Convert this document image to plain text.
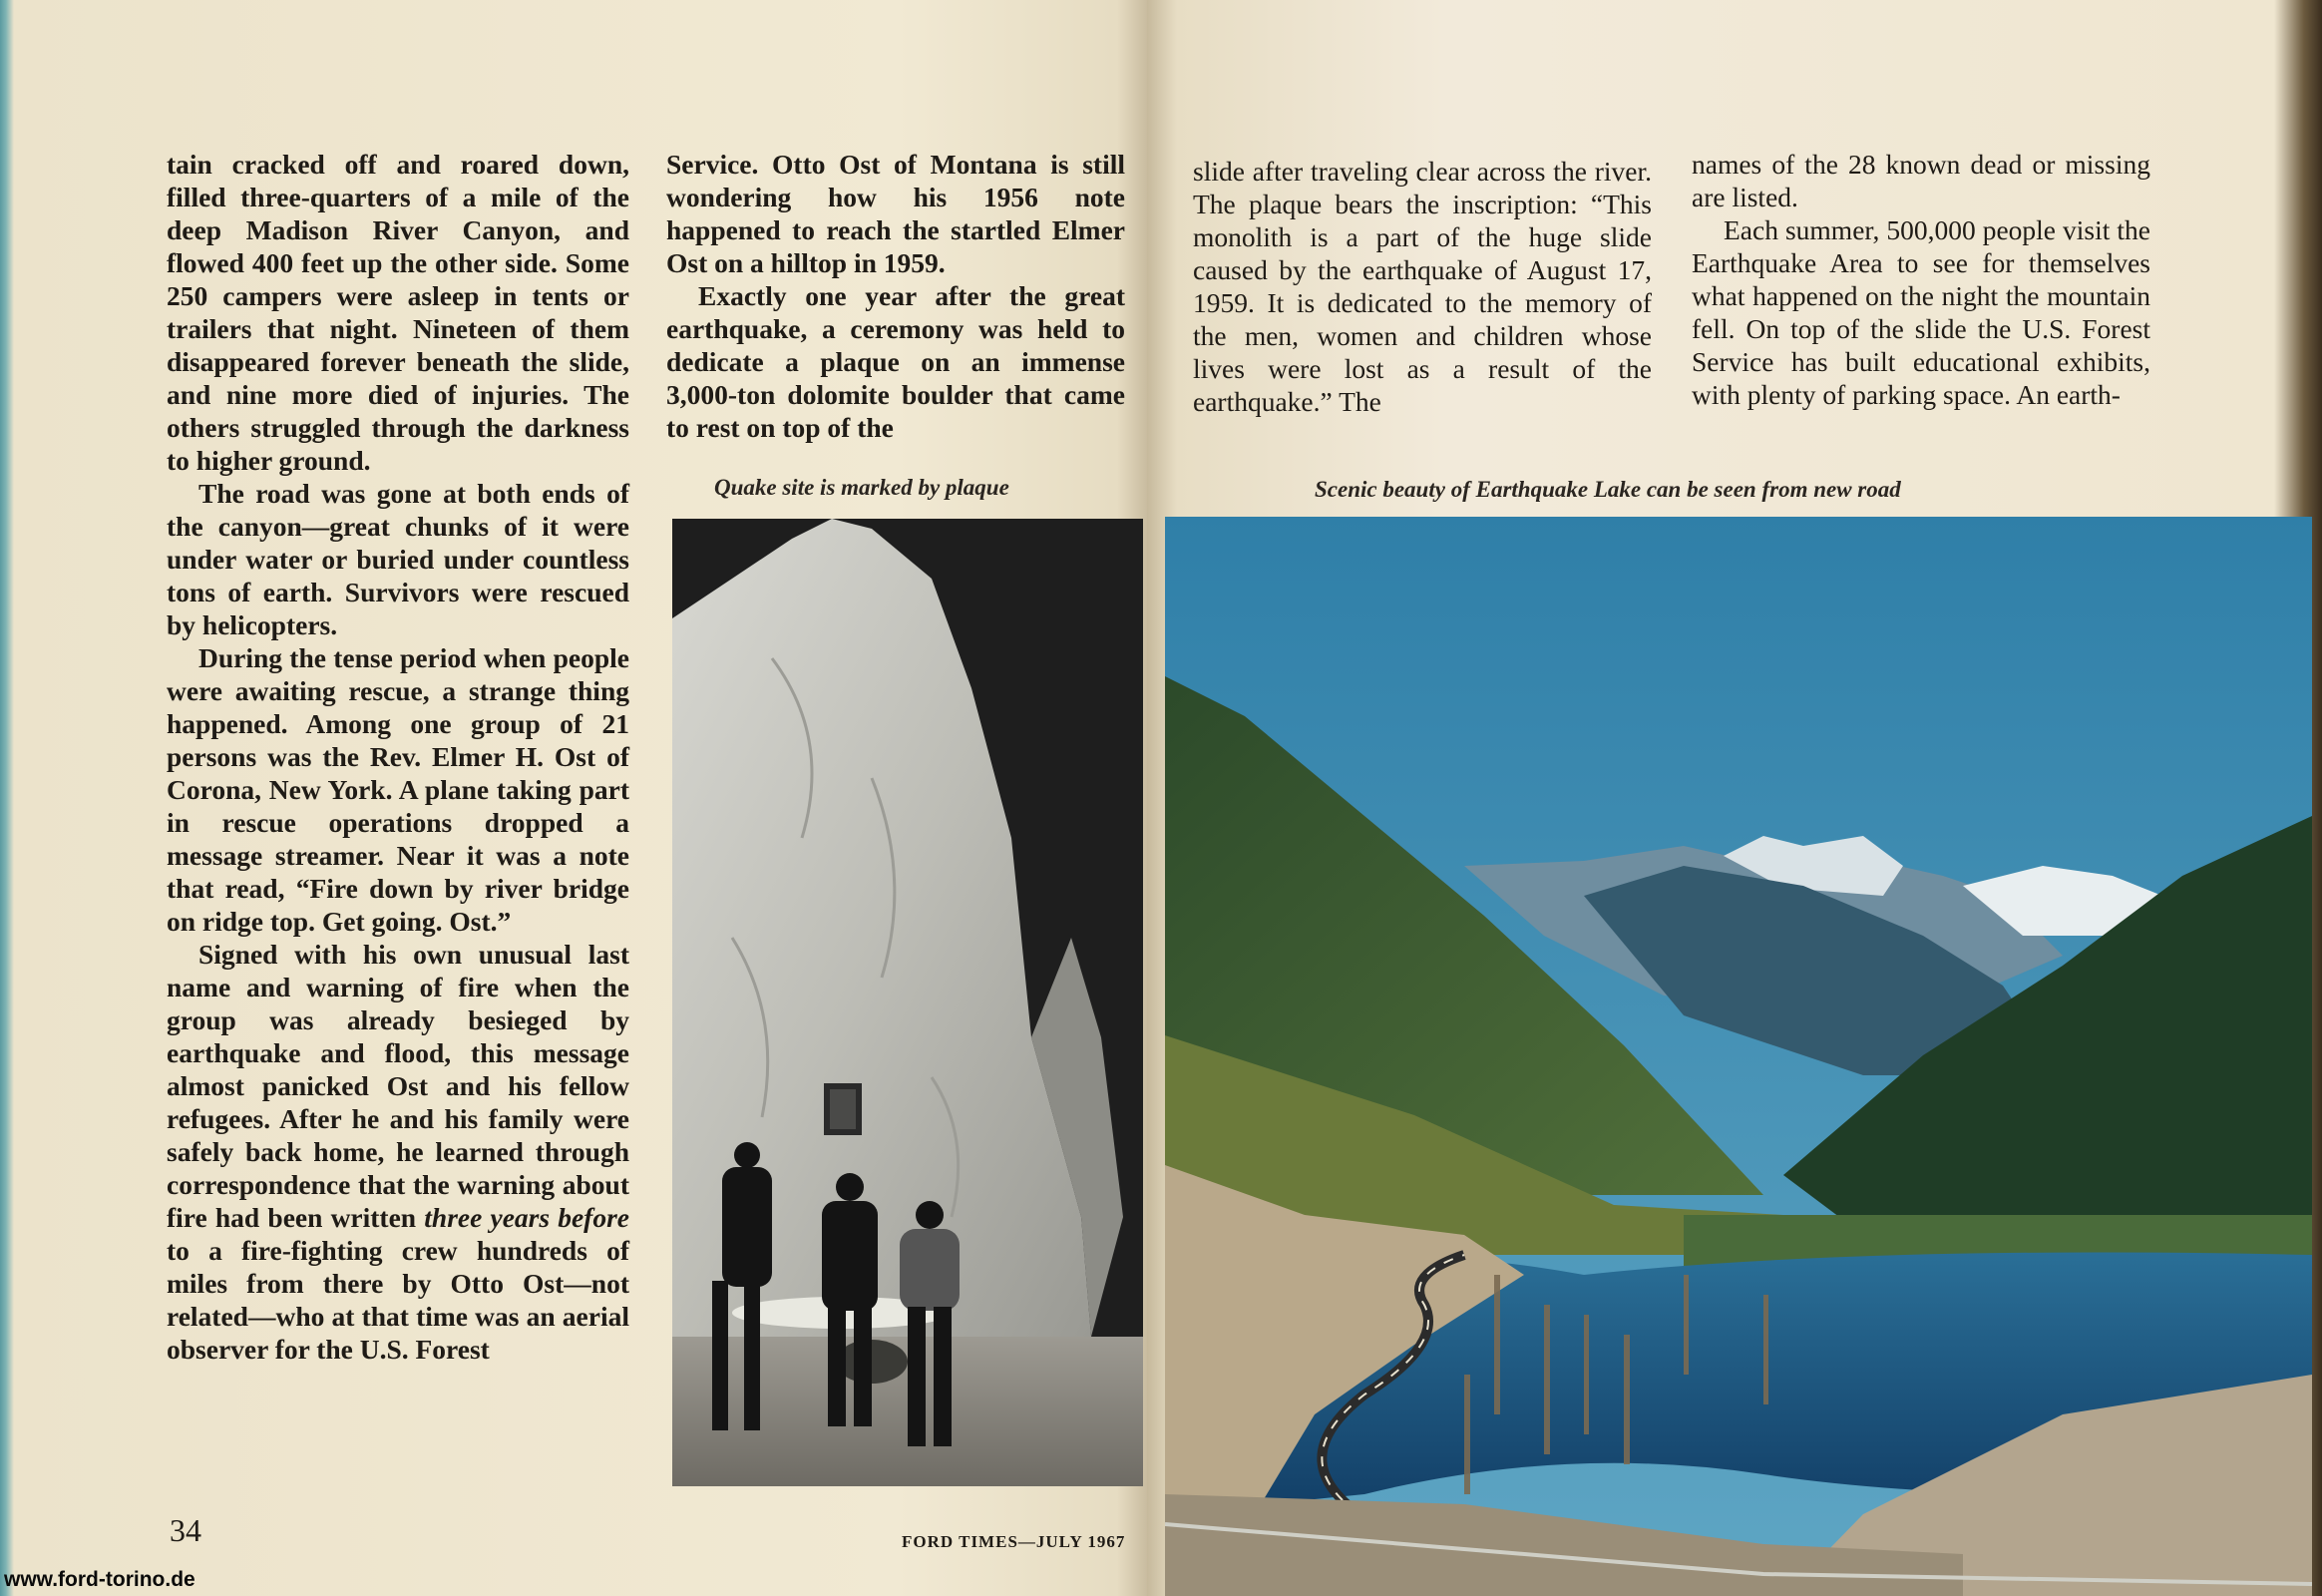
tain cracked off and roared down, filled three-quarters of a mile of the deep Madison River Canyon, and flowed 400 feet up the other side. Some 250 campers were asleep in tents or trailers that night. Nineteen of them disappeared forever beneath the slide, and nine more died of injuries. The others struggled through the darkness to higher ground.

The road was gone at both ends of the canyon—great chunks of it were under water or buried under countless tons of earth. Survivors were rescued by helicopters.

During the tense period when people were awaiting rescue, a strange thing happened. Among one group of 21 persons was the Rev. Elmer H. Ost of Corona, New York. A plane taking part in rescue operations dropped a message streamer. Near it was a note that read, “Fire down by river bridge on ridge top. Get going. Ost.”

Signed with his own unusual last name and warning of fire when the group was already besieged by earthquake and flood, this message almost panicked Ost and his fellow refugees. After he and his family were safely back home, he learned through correspondence that the warning about fire had been written three years before to a fire-fighting crew hundreds of miles from there by Otto Ost—not related—who at that time was an aerial observer for the U.S. Forest

Service. Otto Ost of Montana is still wondering how his 1956 note happened to reach the startled Elmer Ost on a hilltop in 1959.

Exactly one year after the great earthquake, a ceremony was held to dedicate a plaque on an immense 3,000-ton dolomite boulder that came to rest on top of the

Quake site is marked by plaque
34	FORD TIMES—JULY 1967

slide after traveling clear across the river. The plaque bears the inscription: “This monolith is a part of the huge slide caused by the earthquake of August 17, 1959. It is dedicated to the memory of the men, women and children whose lives were lost as a result of the earthquake.” The

names of the 28 known dead or missing are listed.

Each summer, 500,000 people visit the Earthquake Area to see for themselves what happened on the night the mountain fell. On top of the slide the U.S. Forest Service has built educational exhibits, with plenty of parking space. An earth-

Scenic beauty of Earthquake Lake can be seen from new road
www.ford-torino.de
